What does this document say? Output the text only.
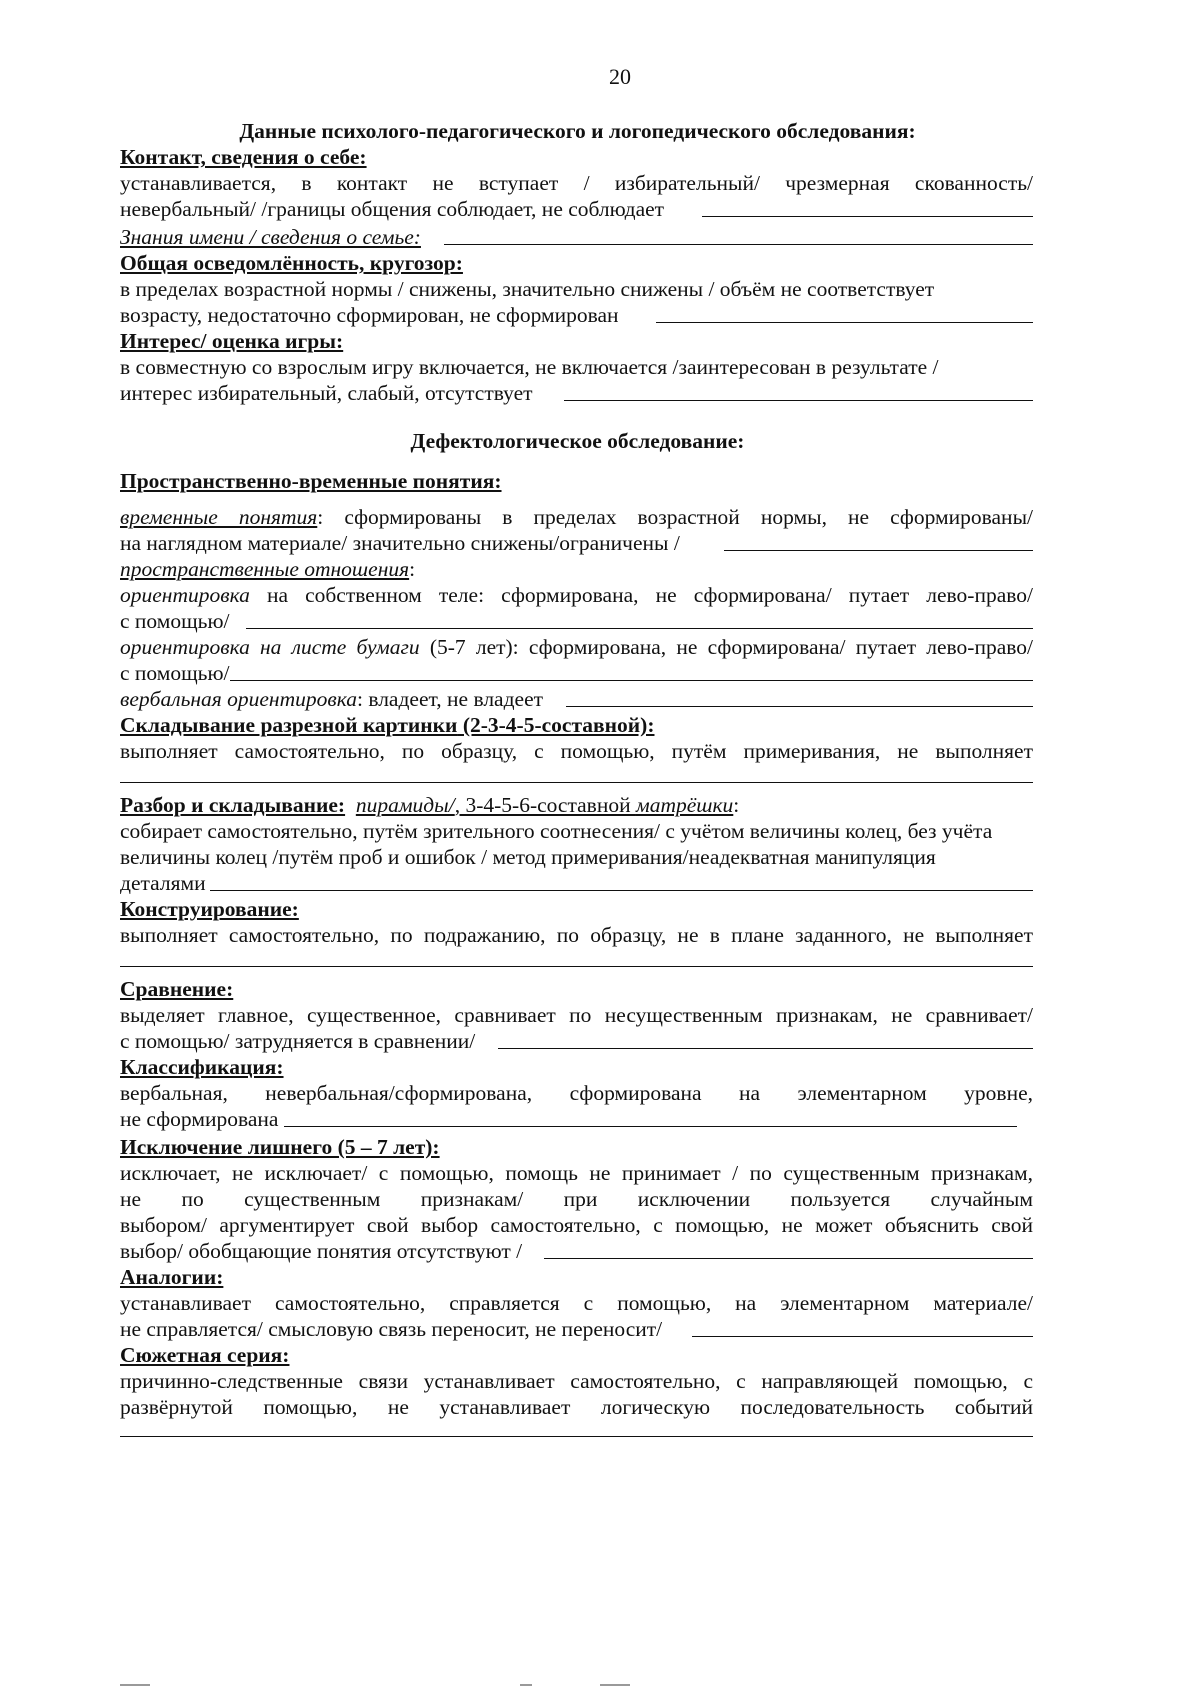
20
Данные психолого-педагогического и логопедического обследования:
Контакт, сведения о себе:
устанавливается, в контакт не вступает / избирательный/ чрезмерная скованность/
невербальный/ /границы общения соблюдает, не соблюдает
Знания имени / сведения о семье:
Общая осведомлённость, кругозор:
в пределах возрастной нормы / снижены, значительно снижены / объём не соответствует
возрасту, недостаточно сформирован, не сформирован
Интерес/ оценка игры:
в совместную со взрослым игру включается, не включается /заинтересован в результате /
интерес избирательный, слабый, отсутствует
Дефектологическое обследование:
Пространственно-временные понятия:
временные понятия: сформированы в пределах возрастной нормы, не сформированы/
на наглядном материале/ значительно снижены/ограничены /
пространственные отношения:
ориентировка на собственном теле: сформирована, не сформирована/ путает лево-право/
с помощью/
ориентировка на листе бумаги (5-7 лет): сформирована, не сформирована/ путает лево-право/
с помощью/
вербальная ориентировка: владеет, не владеет
Складывание разрезной картинки (2-3-4-5-составной):
выполняет самостоятельно, по образцу, с помощью, путём примеривания, не выполняет
Разбор и складывание: пирамиды/, 3-4-5-6-составной матрёшки:
собирает самостоятельно, путём зрительного соотнесения/ с учётом величины колец, без учёта
величины колец /путём проб и ошибок / метод примеривания/неадекватная манипуляция
деталями
Конструирование:
выполняет самостоятельно, по подражанию, по образцу, не в плане заданного, не выполняет
Сравнение:
выделяет главное, существенное, сравнивает по несущественным признакам, не сравнивает/
с помощью/ затрудняется в сравнении/
Классификация:
вербальная, невербальная/сформирована, сформирована на элементарном уровне,
не сформирована
Исключение лишнего (5 – 7 лет):
исключает, не исключает/ с помощью, помощь не принимает / по существенным признакам,
не по существенным признакам/ при исключении пользуется случайным
выбором/ аргументирует свой выбор самостоятельно, с помощью, не может объяснить свой
выбор/ обобщающие понятия отсутствуют /
Аналогии:
устанавливает самостоятельно, справляется с помощью, на элементарном материале/
не справляется/ смысловую связь переносит, не переносит/
Сюжетная серия:
причинно-следственные связи устанавливает самостоятельно, с направляющей помощью, с
развёрнутой помощью, не устанавливает логическую последовательность событий
